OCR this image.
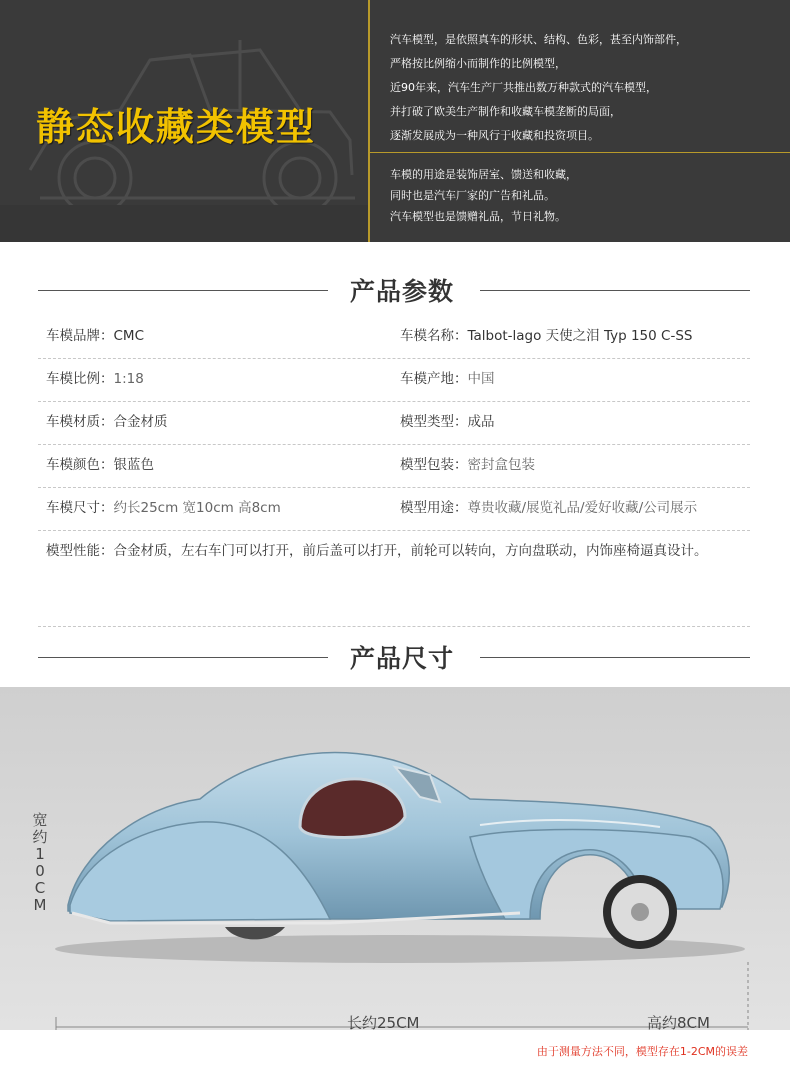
静态收藏类模型

汽车模型，是依照真车的形状、结构、色彩，甚至内饰部件，

严格按比例缩小而制作的比例模型，

近90年来，汽车生产厂共推出数万种款式的汽车模型，

并打破了欧美生产制作和收藏车模垄断的局面，

逐渐发展成为一种风行于收藏和投资项目。

车模的用途是装饰居室、馈送和收藏，

同时也是汽车厂家的广告和礼品。

汽车模型也是馈赠礼品，节日礼物。

产品参数
车模品牌：CMC	车模名称：Talbot-lago 天使之泪 Typ 150 C-SS
车模比例：1:18	车模产地：中国
车模材质：合金材质	模型类型：成品
车模颜色：银蓝色	模型包装：密封盒包装
车模尺寸：约长25cm 宽10cm 高8cm	模型用途：尊贵收藏/展览礼品/爱好收藏/公司展示
模型性能：合金材质，左右车门可以打开，前后盖可以打开，前轮可以转向，方向盘联动，内饰座椅逼真设计。
产品尺寸
宽
约
1
0
C
M
长约25CM	高约8CM
由于测量方法不同，模型存在1-2CM的误差
